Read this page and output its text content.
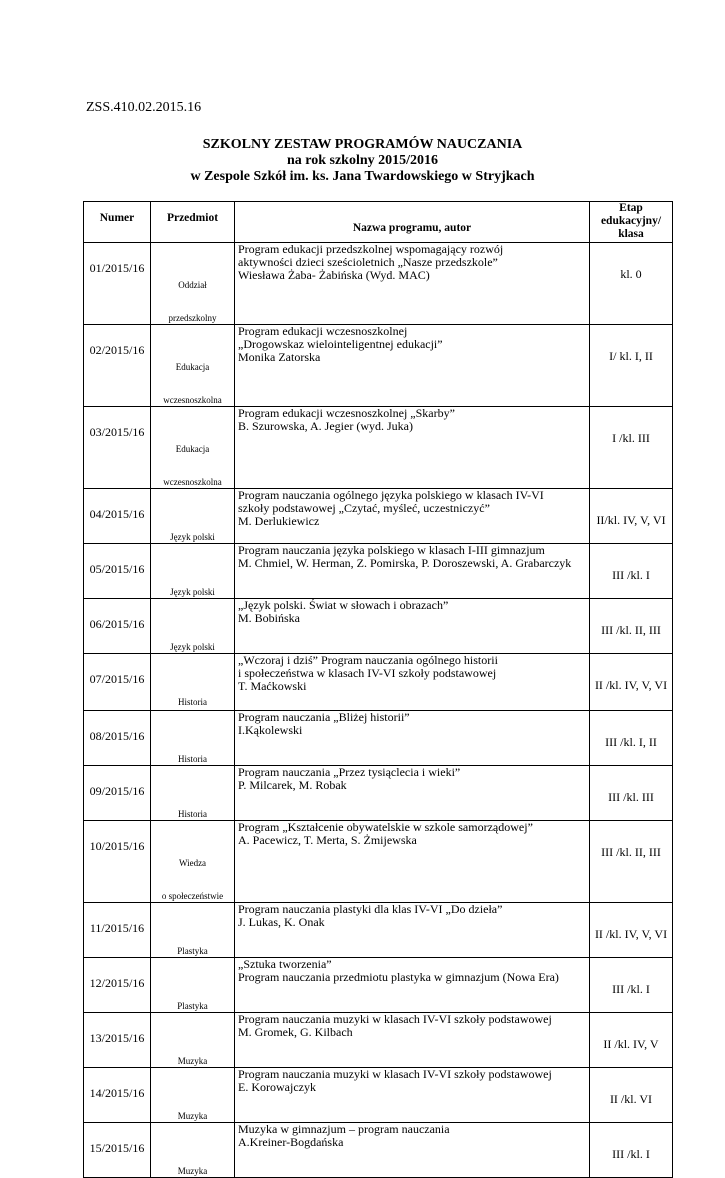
ZSS.410.02.2015.16
SZKOLNY ZESTAW PROGRAMÓW NAUCZANIA
na rok szkolny 2015/2016
w Zespole Szkół im. ks. Jana Twardowskiego w Stryjkach
Numer	Przedmiot	Nazwa programu, autor	Etap
edukacyjny/
klasa

01/2015/16	Oddział
przedszkolny	Program edukacji przedszkolnej wspomagający rozwój
aktywności dzieci sześcioletnich „Nasze przedszkole”
Wiesława Żaba- Żabińska (Wyd. MAC)	kl. 0

02/2015/16	Edukacja
wczesnoszkolna	Program edukacji wczesnoszkolnej
„Drogowskaz wielointeligentnej edukacji”
Monika Zatorska	I/ kl. I, II

03/2015/16	Edukacja
wczesnoszkolna	Program edukacji wczesnoszkolnej „Skarby”
B. Szurowska, A. Jegier (wyd. Juka)	I /kl. III

04/2015/16	Język polski	Program nauczania ogólnego języka polskiego w klasach IV-VI
szkoły podstawowej „Czytać, myśleć, uczestniczyć”
M. Derlukiewicz	II/kl. IV, V, VI

05/2015/16	Język polski	Program nauczania języka polskiego w klasach I-III gimnazjum
M. Chmiel, W. Herman, Z. Pomirska, P. Doroszewski, A. Grabarczyk	III /kl. I

06/2015/16	Język polski	„Język polski. Świat w słowach i obrazach”
M. Bobińska	III /kl. II, III

07/2015/16	Historia	„Wczoraj i dziś” Program nauczania ogólnego historii
i społeczeństwa w klasach IV-VI szkoły podstawowej
T. Maćkowski	II /kl. IV, V, VI

08/2015/16	Historia	Program nauczania „Bliżej historii”
I.Kąkolewski	III /kl. I, II

09/2015/16	Historia	Program nauczania „Przez tysiąclecia i wieki”
P. Milcarek, M. Robak	III /kl. III

10/2015/16	Wiedza
o społeczeństwie	Program „Kształcenie obywatelskie w szkole samorządowej”
A. Pacewicz, T. Merta, S. Żmijewska	III /kl. II, III

11/2015/16	Plastyka	Program nauczania plastyki dla klas IV-VI „Do dzieła”
J. Lukas, K. Onak	II /kl. IV, V, VI

12/2015/16	Plastyka	„Sztuka tworzenia”
Program nauczania przedmiotu plastyka w gimnazjum (Nowa Era)	III /kl. I

13/2015/16	Muzyka	Program nauczania muzyki w klasach IV-VI szkoły podstawowej
M. Gromek, G. Kilbach	II /kl. IV, V

14/2015/16	Muzyka	Program nauczania muzyki w klasach IV-VI szkoły podstawowej
E. Korowajczyk	II /kl. VI

15/2015/16	Muzyka	Muzyka w gimnazjum – program nauczania
A.Kreiner-Bogdańska	III /kl. I
